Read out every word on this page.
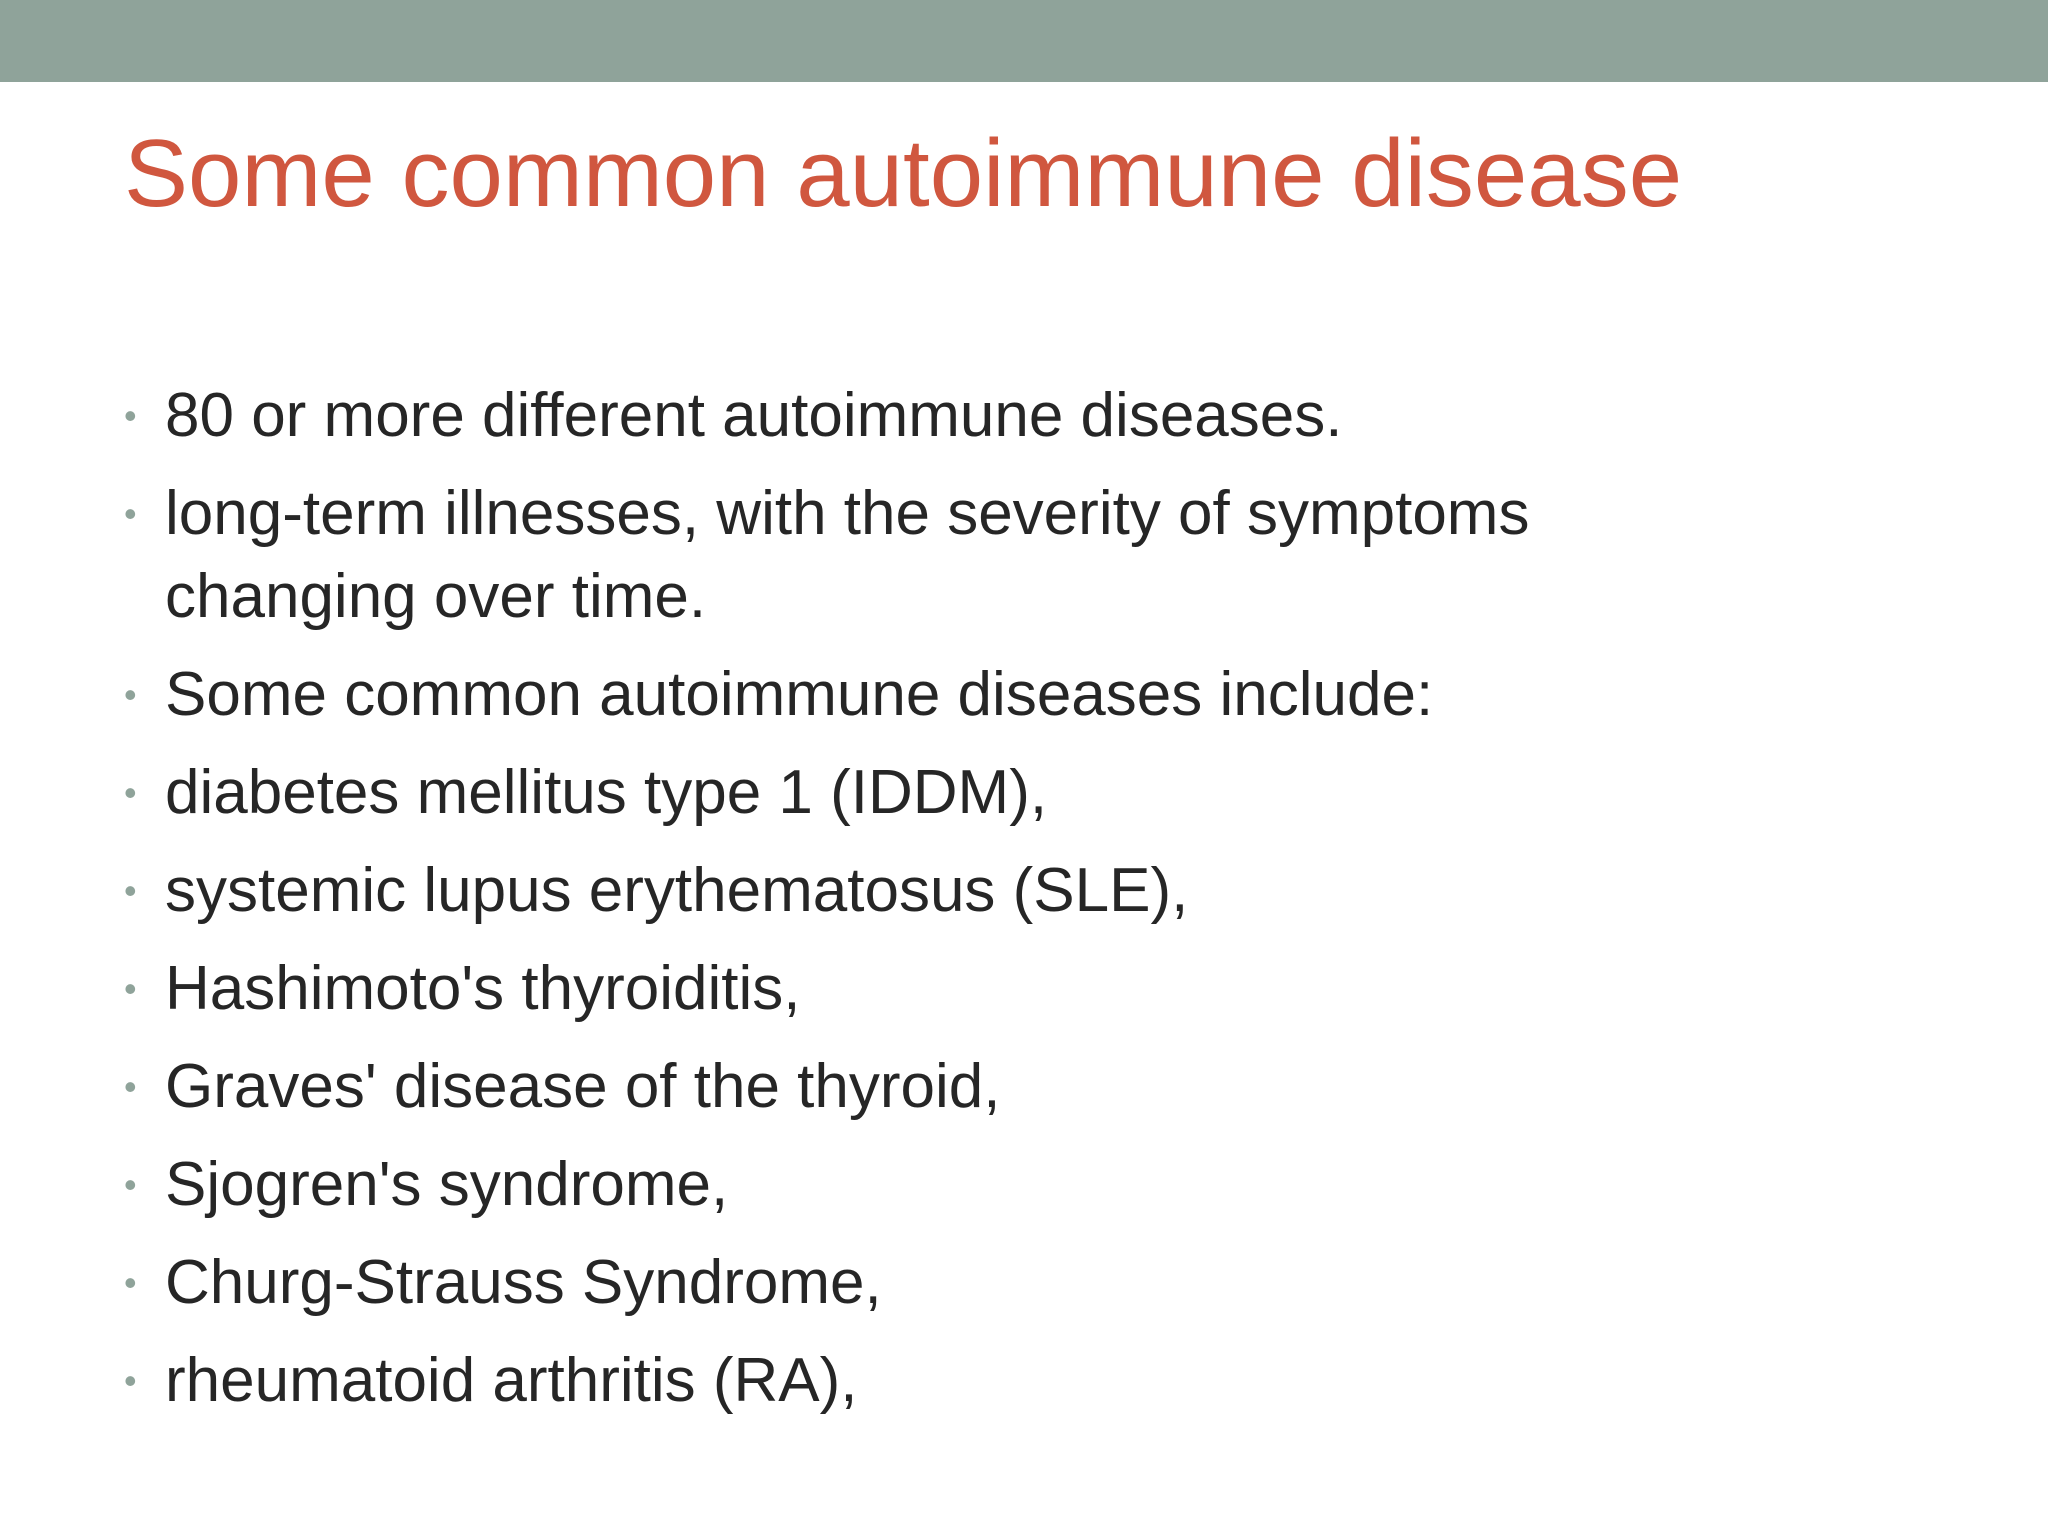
Some common autoimmune disease
• 80 or more different autoimmune diseases.
• long-term illnesses, with the severity of symptoms changing over time.
• Some common autoimmune diseases include:
• diabetes mellitus type 1 (IDDM),
• systemic lupus erythematosus (SLE),
• Hashimoto's thyroiditis,
• Graves' disease of the thyroid,
• Sjogren's syndrome,
• Churg-Strauss Syndrome,
• rheumatoid arthritis (RA),
